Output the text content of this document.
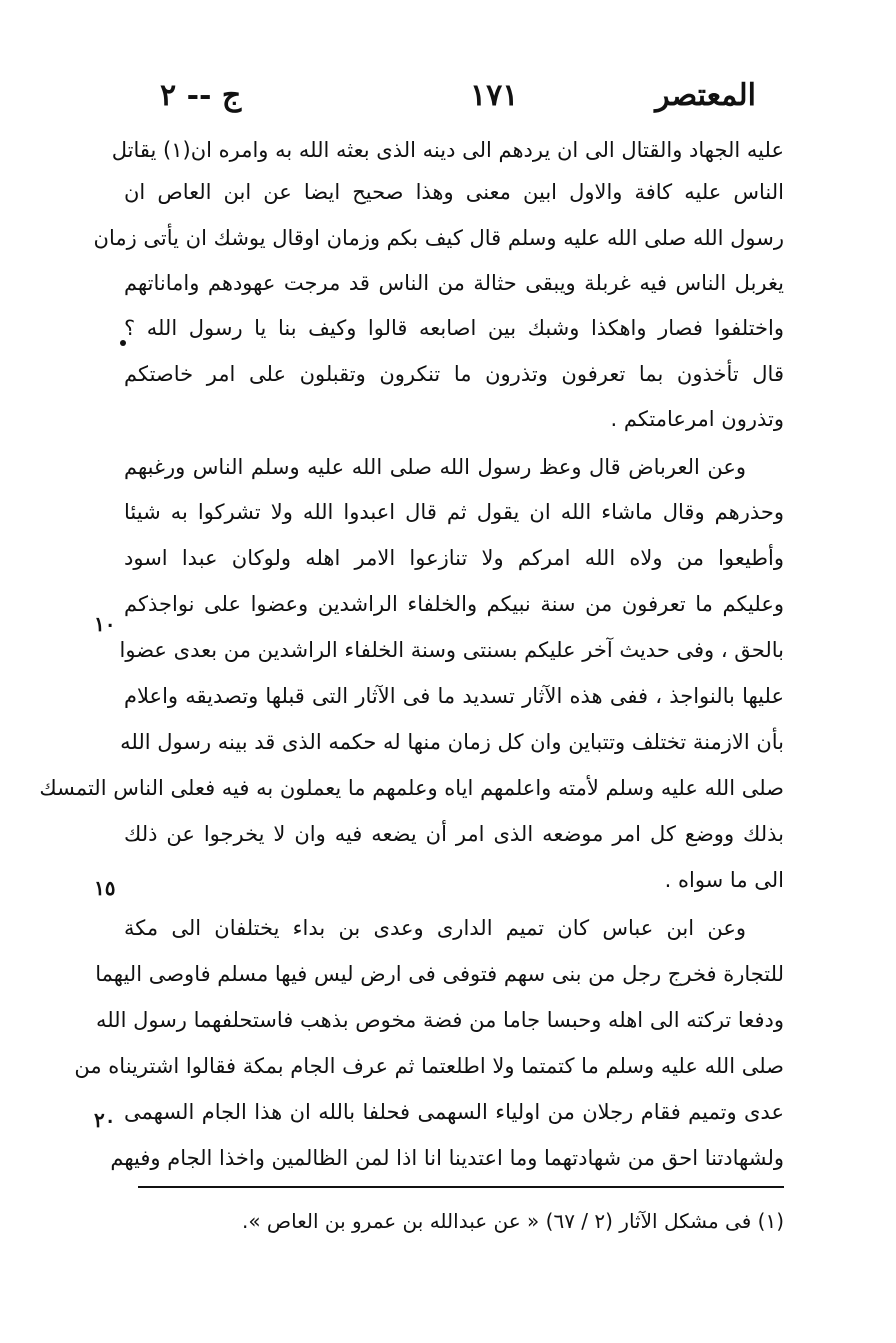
المعتصر
١٧١
ج -- ٢
عليه الجهاد والقتال الى ان يردهم الى دينه الذى بعثه الله به وامره ان(١) يقاتل
الناس عليه كافة والاول ابين معنى وهذا صحيح ايضا عن ابن العاص ان
رسول الله صلى الله عليه وسلم قال كيف بكم وزمان اوقال يوشك ان يأتى زمان
يغربل الناس فيه غربلة ويبقى حثالة من الناس قد مرجت عهودهم واماناتهم
واختلفوا فصار واهكذا وشبك بين اصابعه قالوا وكيف بنا يا رسول الله ؟
قال تأخذون بما تعرفون وتذرون ما تنكرون وتقبلون على امر خاصتكم
وتذرون امرعامتكم .
وعن العرباض قال وعظ رسول الله صلى الله عليه وسلم الناس ورغبهم
وحذرهم وقال ماشاء الله ان يقول ثم قال اعبدوا الله ولا تشركوا به شيئا
وأطيعوا من ولاه الله امركم ولا تنازعوا الامر اهله ولوكان عبدا اسود
وعليكم ما تعرفون من سنة نبيكم والخلفاء الراشدين وعضوا على نواجذكم
بالحق ، وفى حديث آخر عليكم بسنتى وسنة الخلفاء الراشدين من بعدى عضوا
عليها بالنواجذ ، ففى هذه الآثار تسديد ما فى الآثار التى قبلها وتصديقه واعلام
بأن الازمنة تختلف وتتباين وان كل زمان منها له حكمه الذى قد بينه رسول الله
صلى الله عليه وسلم لأمته واعلمهم اياه وعلمهم ما يعملون به فيه فعلى الناس التمسك
بذلك ووضع كل امر موضعه الذى امر أن يضعه فيه وان لا يخرجوا عن ذلك
الى ما سواه .
وعن ابن عباس كان تميم الدارى وعدى بن بداء يختلفان الى مكة
للتجارة فخرج رجل من بنى سهم فتوفى فى ارض ليس فيها مسلم فاوصى اليهما
ودفعا تركته الى اهله وحبسا جاما من فضة مخوص بذهب فاستحلفهما رسول الله
صلى الله عليه وسلم ما كتمتما ولا اطلعتما ثم عرف الجام بمكة فقالوا اشتريناه من
عدى وتميم فقام رجلان من اولياء السهمى فحلفا بالله ان هذا الجام السهمى
ولشهادتنا احق من شهادتهما وما اعتدينا انا اذا لمن الظالمين واخذا الجام وفيهم
١٠
١٥
٢٠
(١) فى مشكل الآثار (٢ / ٦٧) « عن عبدالله بن عمرو بن العاص ».
